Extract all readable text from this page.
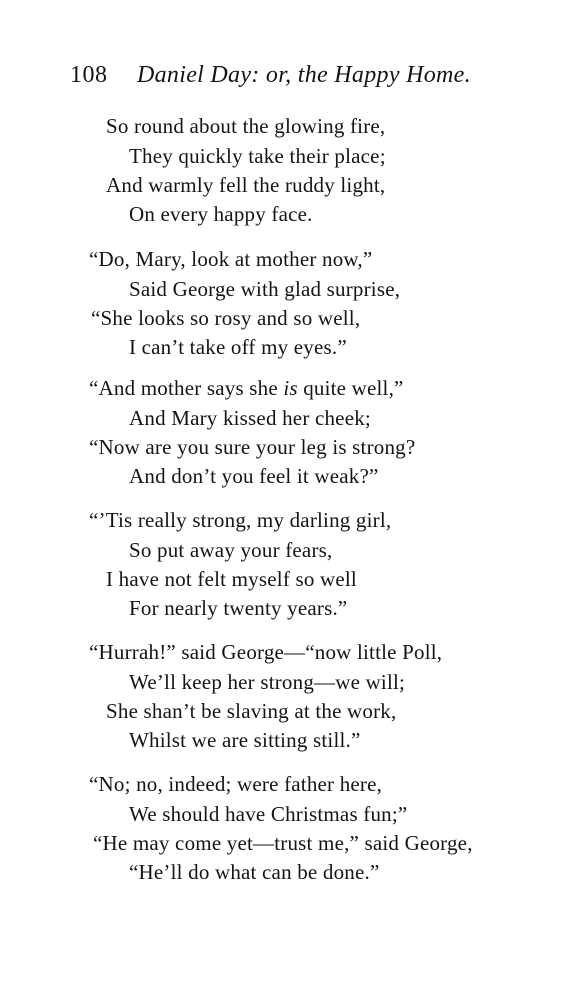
108 Daniel Day: or, the Happy Home.
So round about the glowing fire,
They quickly take their place;
And warmly fell the ruddy light,
On every happy face.
“Do, Mary, look at mother now,”
Said George with glad surprise,
“She looks so rosy and so well,
I can’t take off my eyes.”
“And mother says she is quite well,”
And Mary kissed her cheek;
“Now are you sure your leg is strong?
And don’t you feel it weak?”
“’Tis really strong, my darling girl,
So put away your fears,
I have not felt myself so well
For nearly twenty years.”
“Hurrah!” said George—“now little Poll,
We’ll keep her strong—we will;
She shan’t be slaving at the work,
Whilst we are sitting still.”
“No; no, indeed; were father here,
We should have Christmas fun;”
“He may come yet—trust me,” said George,
“He’ll do what can be done.”
